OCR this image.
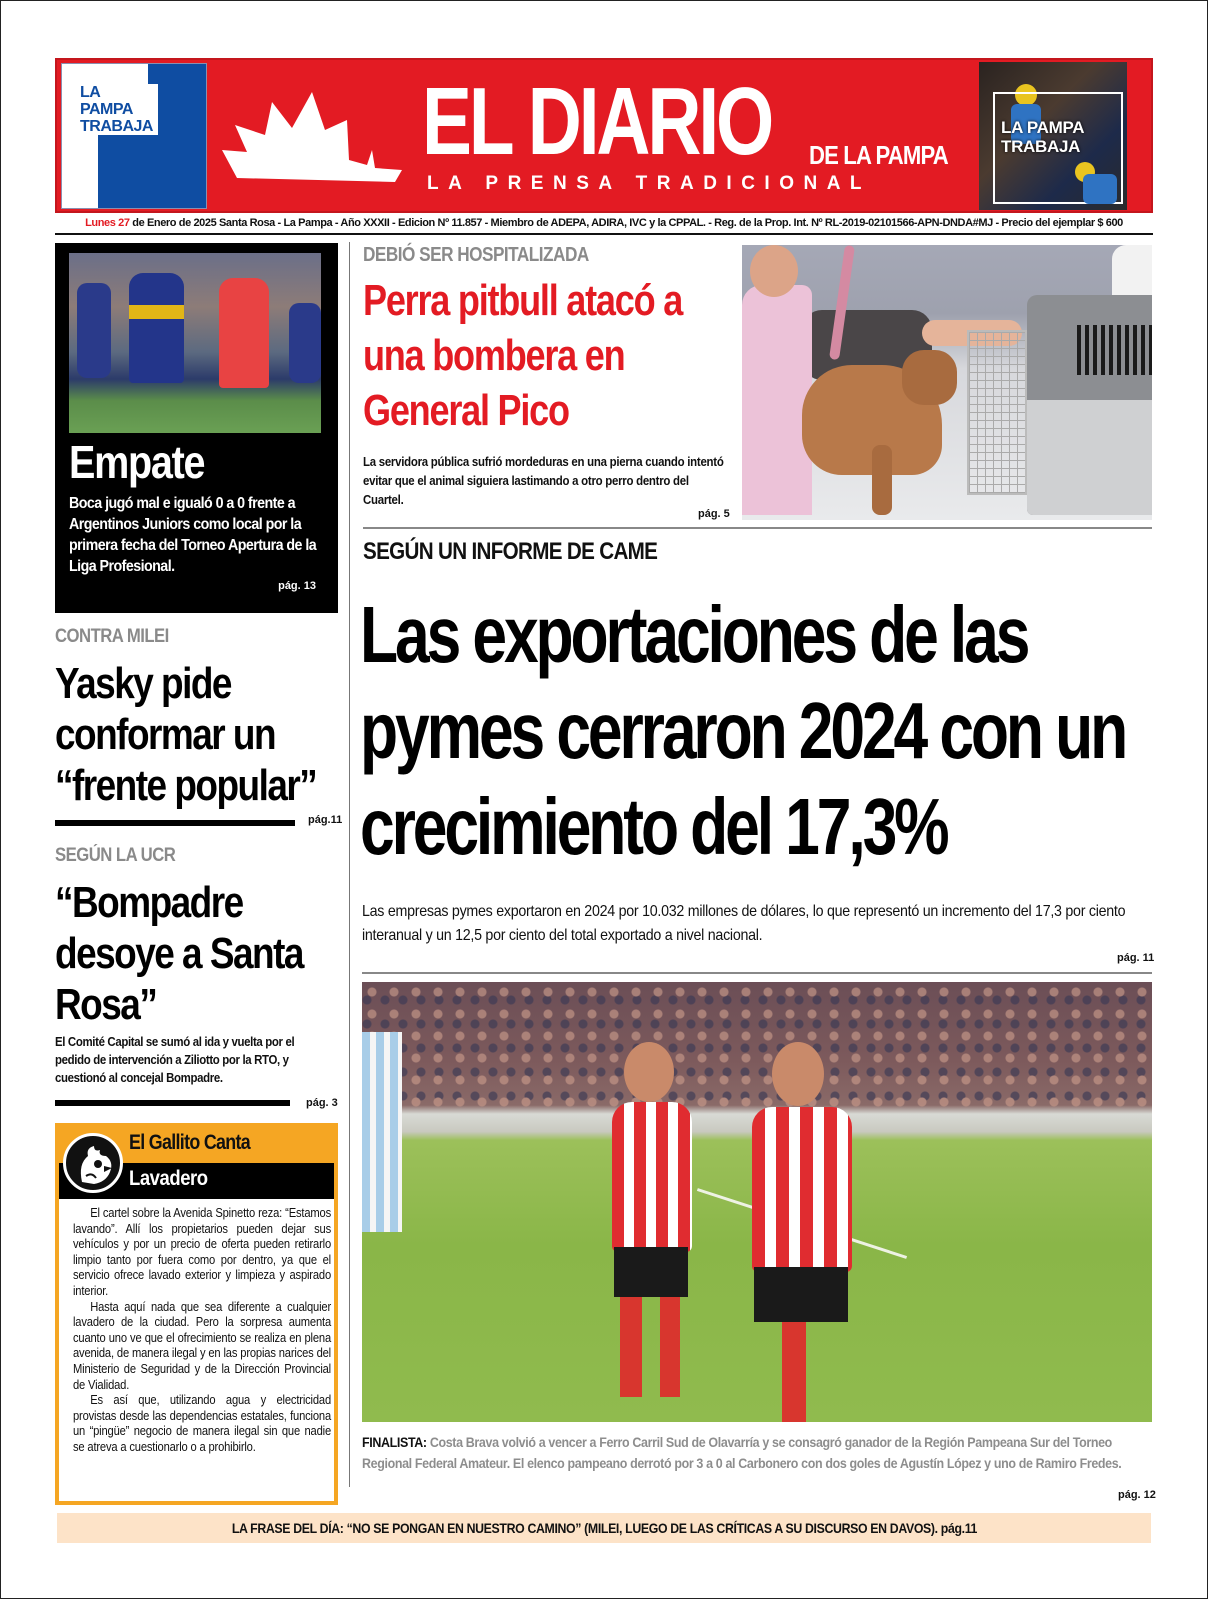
LA PAMPA TRABAJA	EL DIARIO DE LA PAMPA
LA PRENSA TRADICIONAL
LA PAMPA TRABAJA
Lunes 27 de Enero de 2025 Santa Rosa - La Pampa - Año XXXII - Edicion Nº 11.857 - Miembro de ADEPA, ADIRA, IVC y la CPPAL. - Reg. de la Prop. Int. Nº RL-2019-02101566-APN-DNDA#MJ - Precio del ejemplar $ 600
Empate
Boca jugó mal e igualó 0 a 0 frente a Argentinos Juniors como local por la primera fecha del Torneo Apertura de la Liga Profesional.
pág. 13
CONTRA MILEI
Yasky pide conformar un “frente popular”
pág.11
SEGÚN LA UCR
“Bompadre desoye a Santa Rosa”
El Comité Capital se sumó al ida y vuelta por el pedido de intervención a Ziliotto por la RTO, y cuestionó al concejal Bompadre.
pág. 3
El Gallito Canta
Lavadero

El cartel sobre la Avenida Spinetto reza: “Estamos lavando”. Allí los propietarios pueden dejar sus vehículos y por un precio de oferta pueden retirarlo limpio tanto por fuera como por dentro, ya que el servicio ofrece lavado exterior y limpieza y aspirado interior.

Hasta aquí nada que sea diferente a cualquier lavadero de la ciudad. Pero la sorpresa aumenta cuanto uno ve que el ofrecimiento se realiza en plena avenida, de manera ilegal y en las propias narices del Ministerio de Seguridad y de la Dirección Provincial de Vialidad.

Es así que, utilizando agua y electricidad provistas desde las dependencias estatales, funciona un “pingüe” negocio de manera ilegal sin que nadie se atreva a cuestionarlo o a prohibirlo.

DEBIÓ SER HOSPITALIZADA
Perra pitbull atacó a una bombera en General Pico
La servidora pública sufrió mordeduras en una pierna cuando intentó evitar que el animal siguiera lastimando a otro perro dentro del Cuartel.
pág. 5
SEGÚN UN INFORME DE CAME
Las exportaciones de las pymes cerraron 2024 con un crecimiento del 17,3%
Las empresas pymes exportaron en 2024 por 10.032 millones de dólares, lo que representó un incremento del 17,3 por ciento interanual y un 12,5 por ciento del total exportado a nivel nacional.
pág. 11
FINALISTA: Costa Brava volvió a vencer a Ferro Carril Sud de Olavarría y se consagró ganador de la Región Pampeana Sur del Torneo Regional Federal Amateur. El elenco pampeano derrotó por 3 a 0 al Carbonero con dos goles de Agustín López y uno de Ramiro Fredes.
pág. 12
LA FRASE DEL DÍA: “NO SE PONGAN EN NUESTRO CAMINO” (MILEI, LUEGO DE LAS CRÍTICAS A SU DISCURSO EN DAVOS). pág.11
